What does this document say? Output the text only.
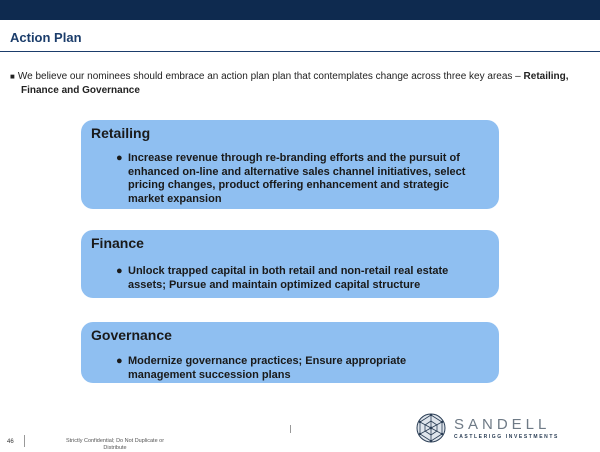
Action Plan
■ We believe our nominees should embrace an action plan plan that contemplates change across three key areas – Retailing,
Finance and Governance
Retailing
● Increase revenue through re-branding efforts and the pursuit of
enhanced on-line and alternative sales channel initiatives, select
pricing changes, product offering enhancement and strategic
market expansion
Finance
● Unlock trapped capital in both retail and non-retail real estate
assets; Pursue and maintain optimized capital structure
Governance
● Modernize governance practices; Ensure appropriate
management succession plans
46	Strictly Confidential; Do Not Duplicate or Distribute
SANDELL
CASTLERIGG INVESTMENTS
